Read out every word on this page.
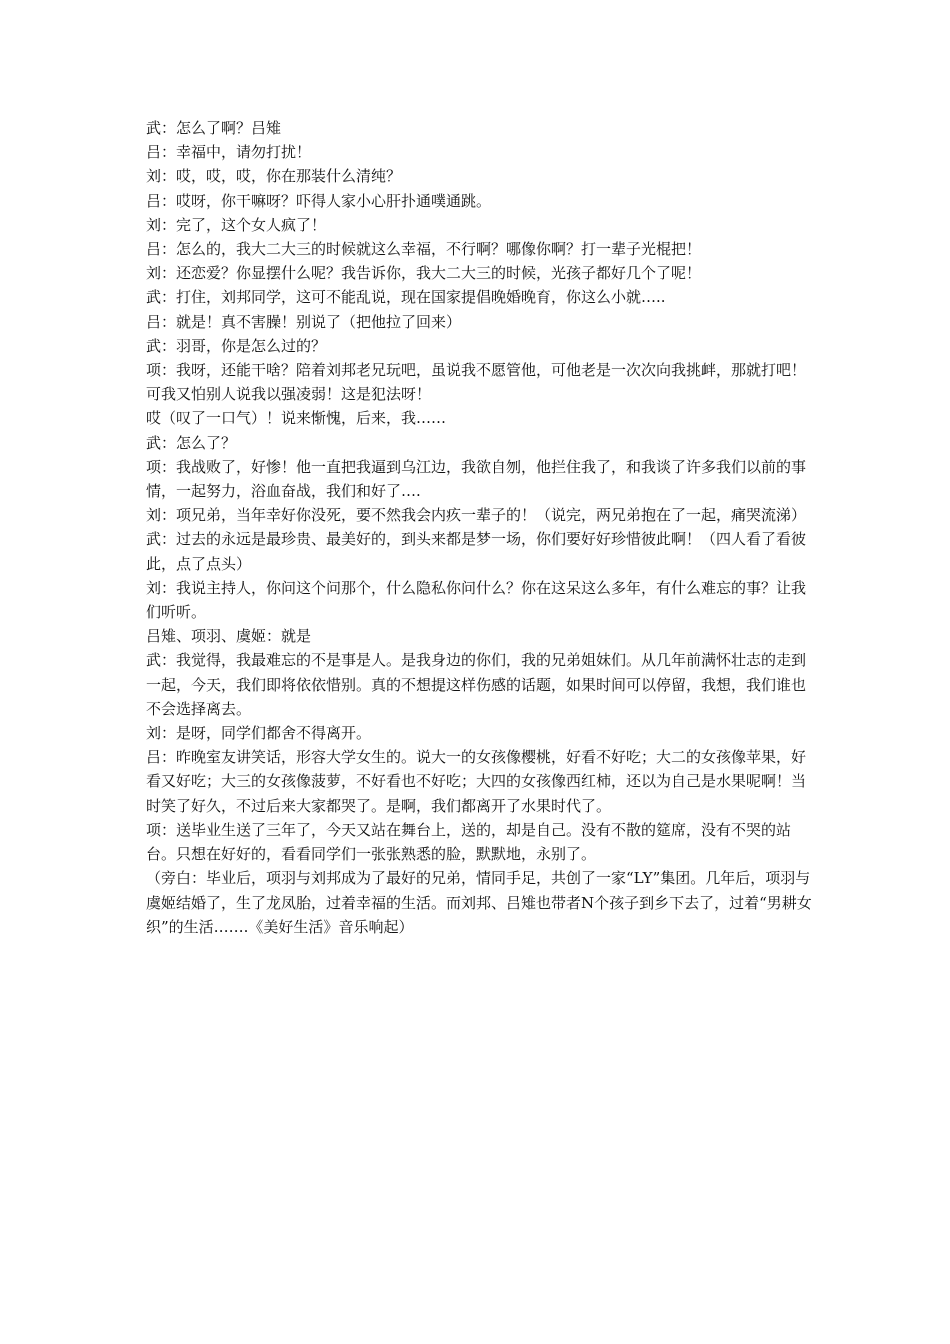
武：怎么了啊？吕雉

吕：幸福中，请勿打扰！

刘：哎，哎，哎，你在那装什么清纯？

吕：哎呀，你干嘛呀？吓得人家小心肝扑通噗通跳。

刘：完了，这个女人疯了！

吕：怎么的，我大二大三的时候就这么幸福，不行啊？哪像你啊？打一辈子光棍把！

刘：还恋爱？你显摆什么呢？我告诉你，我大二大三的时候，光孩子都好几个了呢！

武：打住，刘邦同学，这可不能乱说，现在国家提倡晚婚晚育，你这么小就…..

吕：就是！真不害臊！别说了（把他拉了回来）

武：羽哥，你是怎么过的？

项：我呀，还能干啥？陪着刘邦老兄玩吧，虽说我不愿管他，可他老是一次次向我挑衅，那就打吧！可我又怕别人说我以强凌弱！这是犯法呀！

哎（叹了一口气）！说来惭愧，后来，我……

武：怎么了？

项：我战败了，好惨！他一直把我逼到乌江边，我欲自刎，他拦住我了，和我谈了许多我们以前的事情，一起努力，浴血奋战，我们和好了….

刘：项兄弟，当年幸好你没死，要不然我会内疚一辈子的！（说完，两兄弟抱在了一起，痛哭流涕）

武：过去的永远是最珍贵、最美好的，到头来都是梦一场，你们要好好珍惜彼此啊！（四人看了看彼此，点了点头）

刘：我说主持人，你问这个问那个，什么隐私你问什么？你在这呆这么多年，有什么难忘的事？让我们听听。

吕雉、项羽、虞姬：就是

武：我觉得，我最难忘的不是事是人。是我身边的你们，我的兄弟姐妹们。从几年前满怀壮志的走到一起，今天，我们即将依依惜别。真的不想提这样伤感的话题，如果时间可以停留，我想，我们谁也不会选择离去。

刘：是呀，同学们都舍不得离开。

吕：昨晚室友讲笑话，形容大学女生的。说大一的女孩像樱桃，好看不好吃；大二的女孩像苹果，好看又好吃；大三的女孩像菠萝，不好看也不好吃；大四的女孩像西红柿，还以为自己是水果呢啊！当时笑了好久，不过后来大家都哭了。是啊，我们都离开了水果时代了。

项：送毕业生送了三年了，今天又站在舞台上，送的，却是自己。没有不散的筵席，没有不哭的站台。只想在好好的，看看同学们一张张熟悉的脸，默默地，永别了。

（旁白：毕业后，项羽与刘邦成为了最好的兄弟，情同手足，共创了一家“LY”集团。几年后，项羽与虞姬结婚了，生了龙凤胎，过着幸福的生活。而刘邦、吕雉也带者N个孩子到乡下去了，过着“男耕女织”的生活…….《美好生活》音乐响起）
